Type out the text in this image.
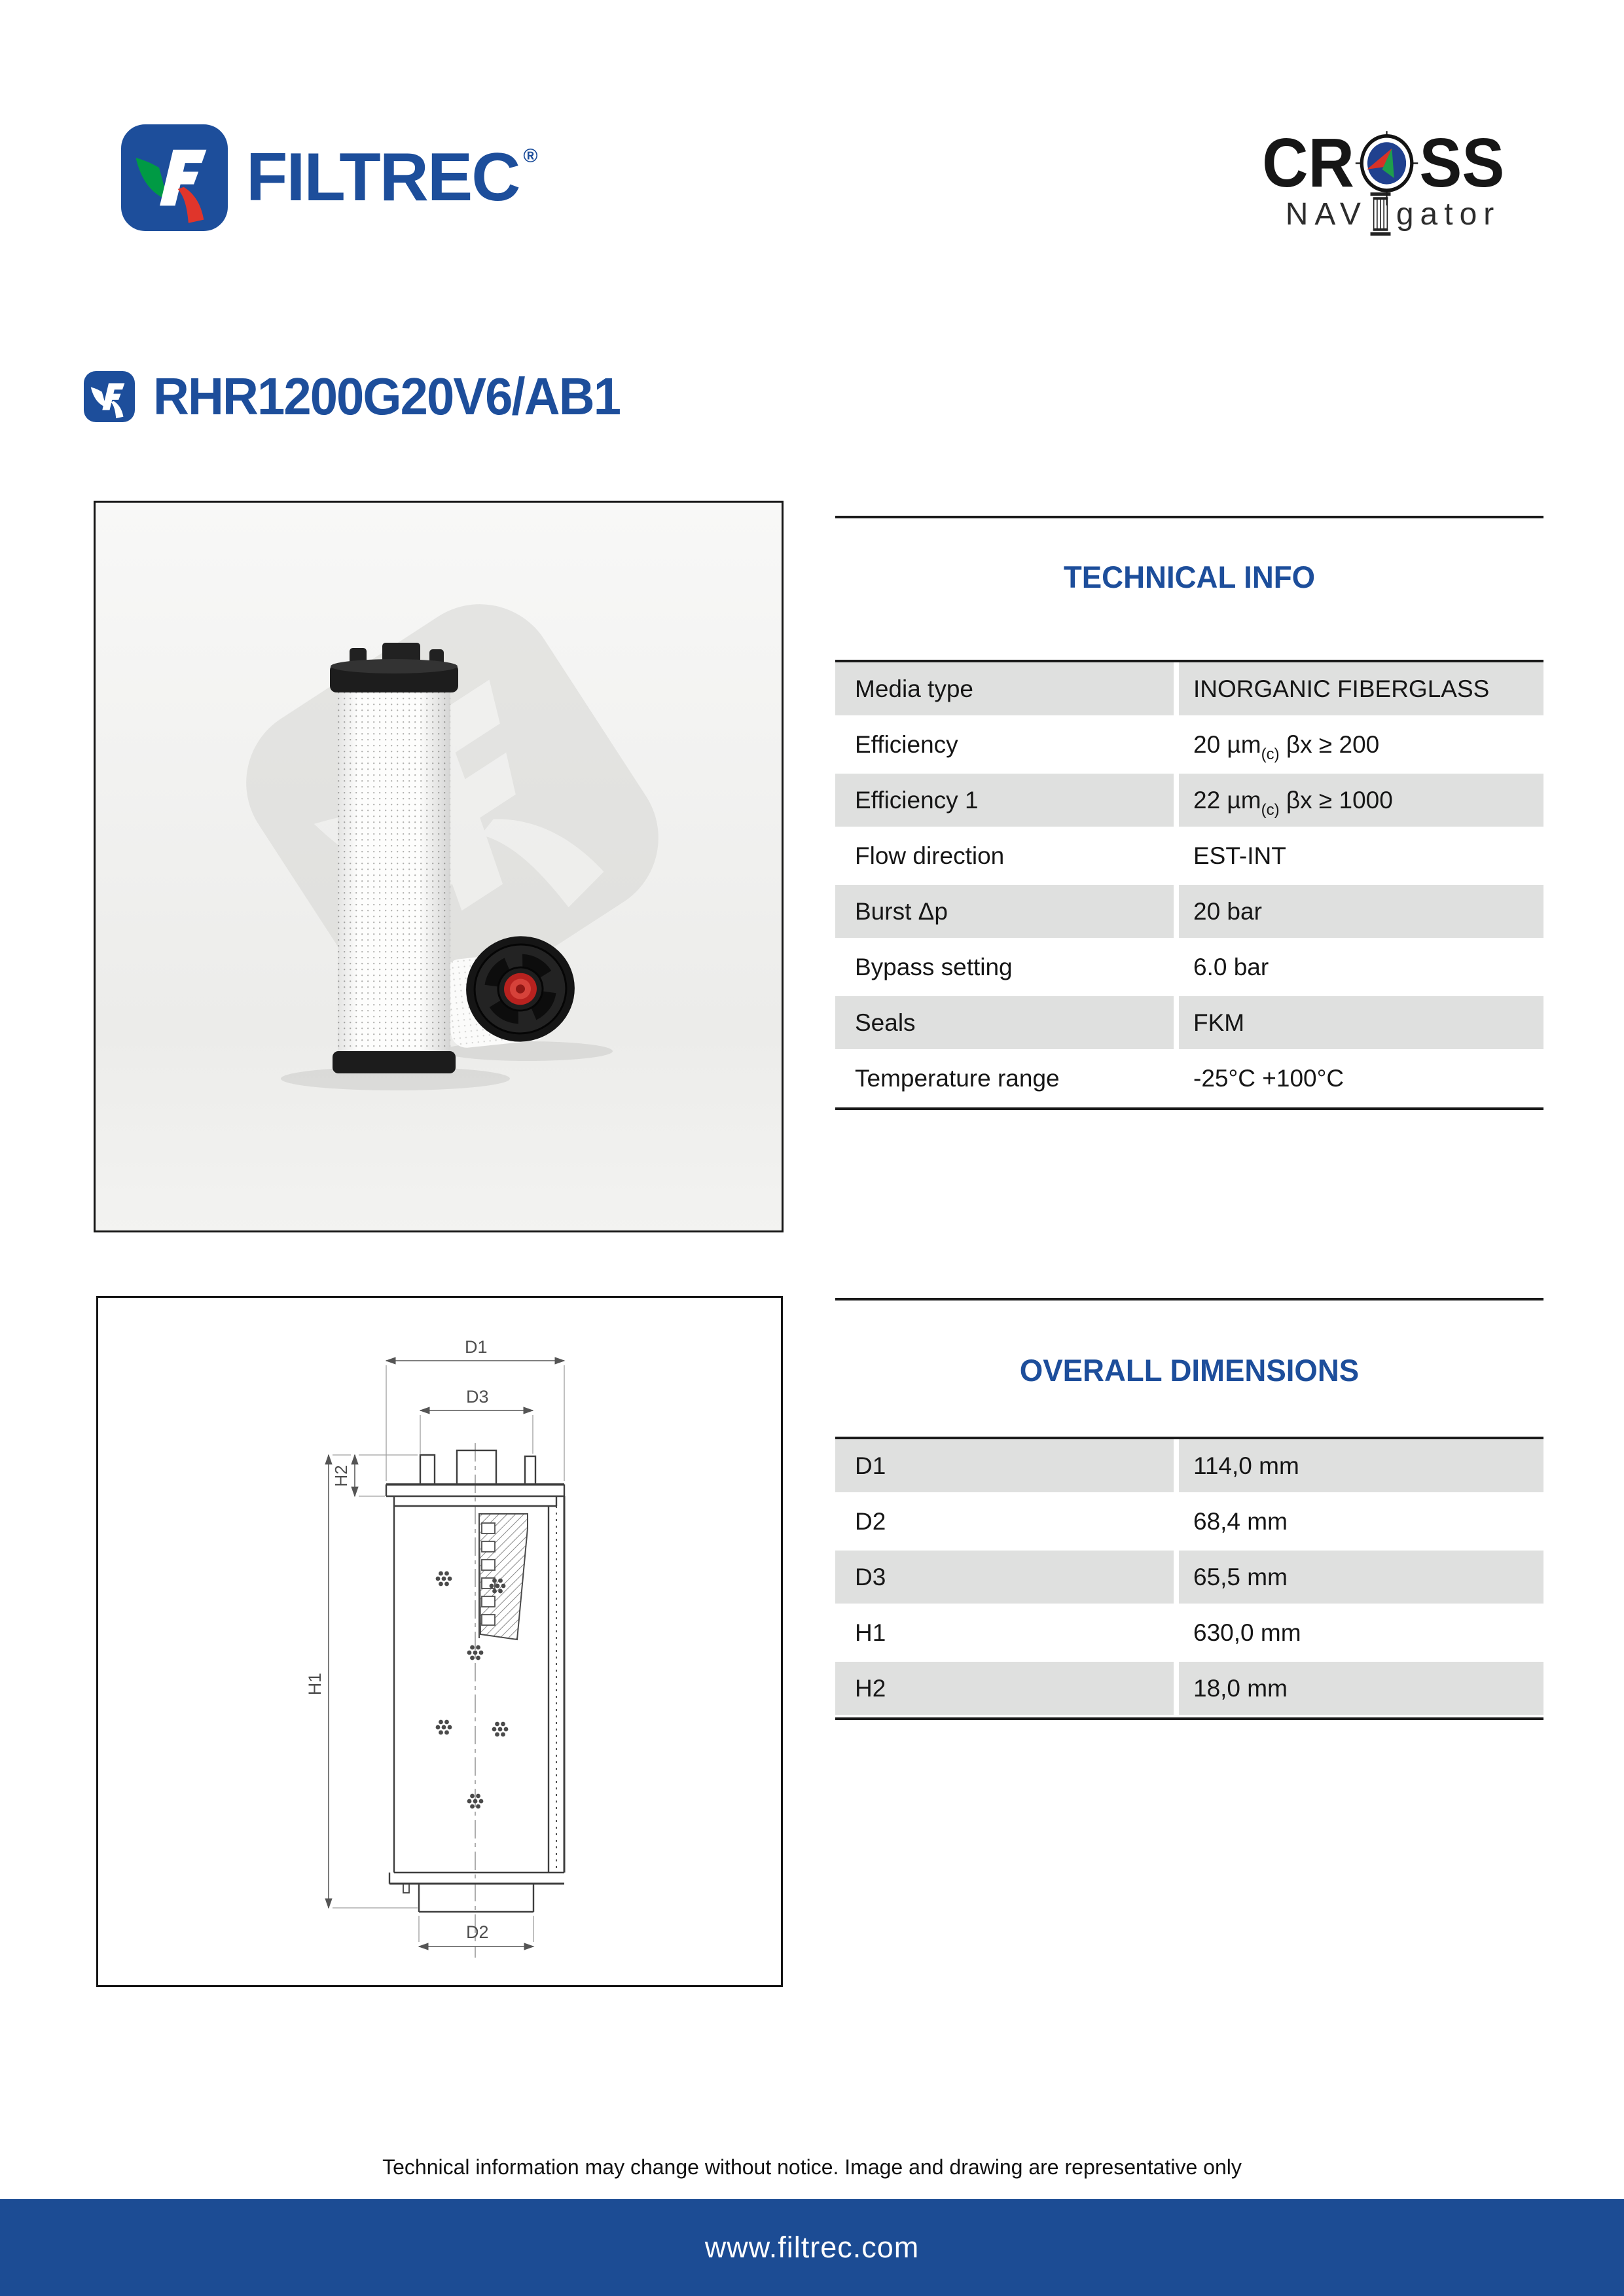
FILTREC ®	CR SS
NAV gator
RHR1200G20V6/AB1
TECHNICAL INFO
Media type	INORGANIC FIBERGLASS
Efficiency	20 µm (c) βx ≥ 200
Efficiency 1	22 µm (c) βx ≥ 1000
Flow direction	EST-INT
Burst Δp	20 bar
Bypass setting	6.0 bar
Seals	FKM
Temperature range	-25°C +100°C
D1
D3
H2
H1
D2
OVERALL DIMENSIONS
D1	114,0 mm
D2	68,4 mm
D3	65,5 mm
H1	630,0 mm
H2	18,0 mm
Technical information may change without notice. Image and drawing are representative only
www.filtrec.com
